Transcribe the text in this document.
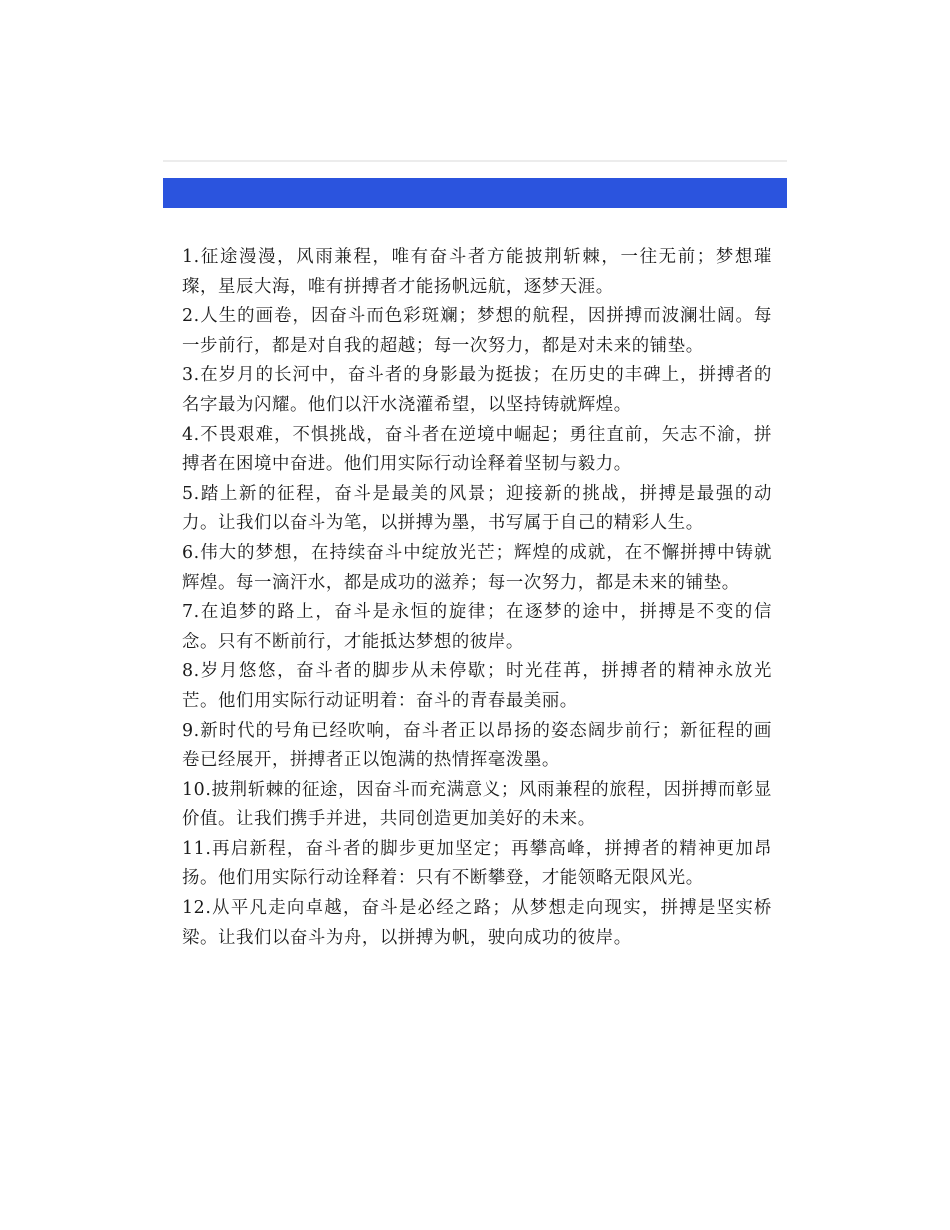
1.征途漫漫，风雨兼程，唯有奋斗者方能披荆斩棘，一往无前；梦想璀璨，星辰大海，唯有拼搏者才能扬帆远航，逐梦天涯。

2.人生的画卷，因奋斗而色彩斑斓；梦想的航程，因拼搏而波澜壮阔。每一步前行，都是对自我的超越；每一次努力，都是对未来的铺垫。

3.在岁月的长河中，奋斗者的身影最为挺拔；在历史的丰碑上，拼搏者的名字最为闪耀。他们以汗水浇灌希望，以坚持铸就辉煌。

4.不畏艰难，不惧挑战，奋斗者在逆境中崛起；勇往直前，矢志不渝，拼搏者在困境中奋进。他们用实际行动诠释着坚韧与毅力。

5.踏上新的征程，奋斗是最美的风景；迎接新的挑战，拼搏是最强的动力。让我们以奋斗为笔，以拼搏为墨，书写属于自己的精彩人生。

6.伟大的梦想，在持续奋斗中绽放光芒；辉煌的成就，在不懈拼搏中铸就辉煌。每一滴汗水，都是成功的滋养；每一次努力，都是未来的铺垫。

7.在追梦的路上，奋斗是永恒的旋律；在逐梦的途中，拼搏是不变的信念。只有不断前行，才能抵达梦想的彼岸。

8.岁月悠悠，奋斗者的脚步从未停歇；时光荏苒，拼搏者的精神永放光芒。他们用实际行动证明着：奋斗的青春最美丽。

9.新时代的号角已经吹响，奋斗者正以昂扬的姿态阔步前行；新征程的画卷已经展开，拼搏者正以饱满的热情挥毫泼墨。

10.披荆斩棘的征途，因奋斗而充满意义；风雨兼程的旅程，因拼搏而彰显价值。让我们携手并进，共同创造更加美好的未来。

11.再启新程，奋斗者的脚步更加坚定；再攀高峰，拼搏者的精神更加昂扬。他们用实际行动诠释着：只有不断攀登，才能领略无限风光。

12.从平凡走向卓越，奋斗是必经之路；从梦想走向现实，拼搏是坚实桥梁。让我们以奋斗为舟，以拼搏为帆，驶向成功的彼岸。
